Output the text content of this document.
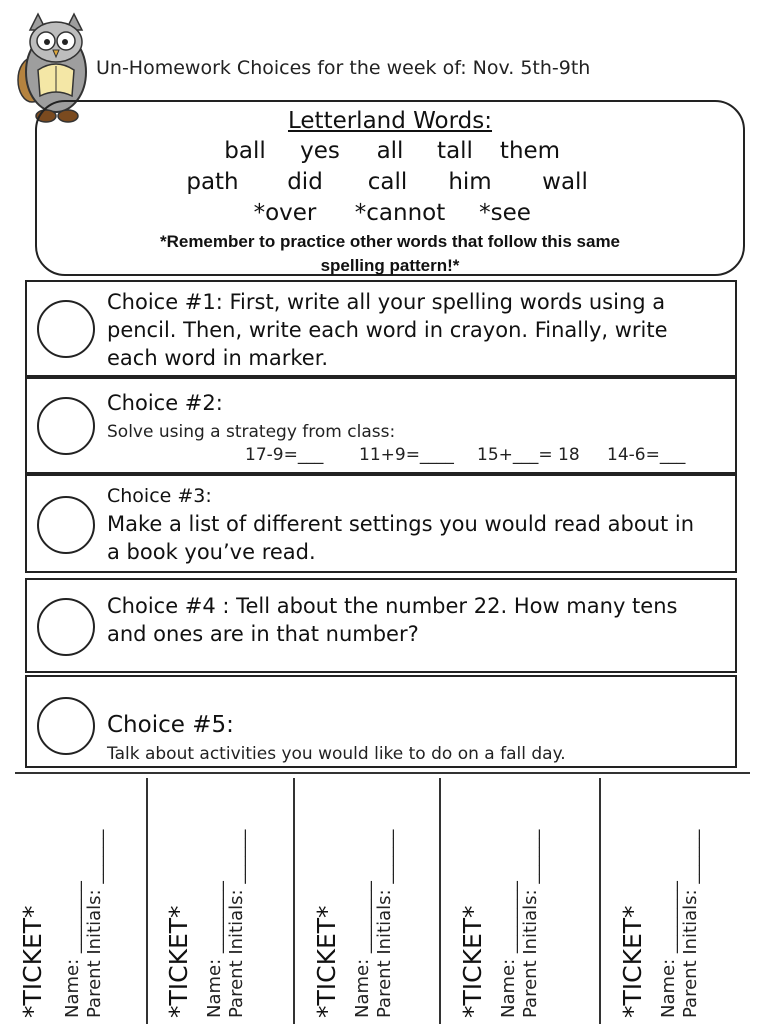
Un-Homework Choices for the week of: Nov. 5th-9th
Letterland Words:
ball yes all tall them
path did call him wall
*over *cannot *see
*Remember to practice other words that follow this same
spelling pattern!*
Choice #1: First, write all your spelling words using a
pencil. Then, write each word in crayon. Finally, write
each word in marker.
Choice #2:
Solve using a strategy from class:
17-9=___ 11+9=____ 15+___= 18 14-6=___
Choice #3:
Make a list of different settings you would read about in
a book you’ve read.
Choice #4 : Tell about the number 22. How many tens
and ones are in that number?
Choice #5:
Talk about activities you would like to do on a fall day.
*TICKET* Name: ________ Parent Initials: ______ *TICKET* Name: ________ Parent Initials: ______	*TICKET* Name: ________ Parent Initials: ______	*TICKET* Name: ________ Parent Initials: ______	*TICKET* Name: ________ Parent Initials: ______
